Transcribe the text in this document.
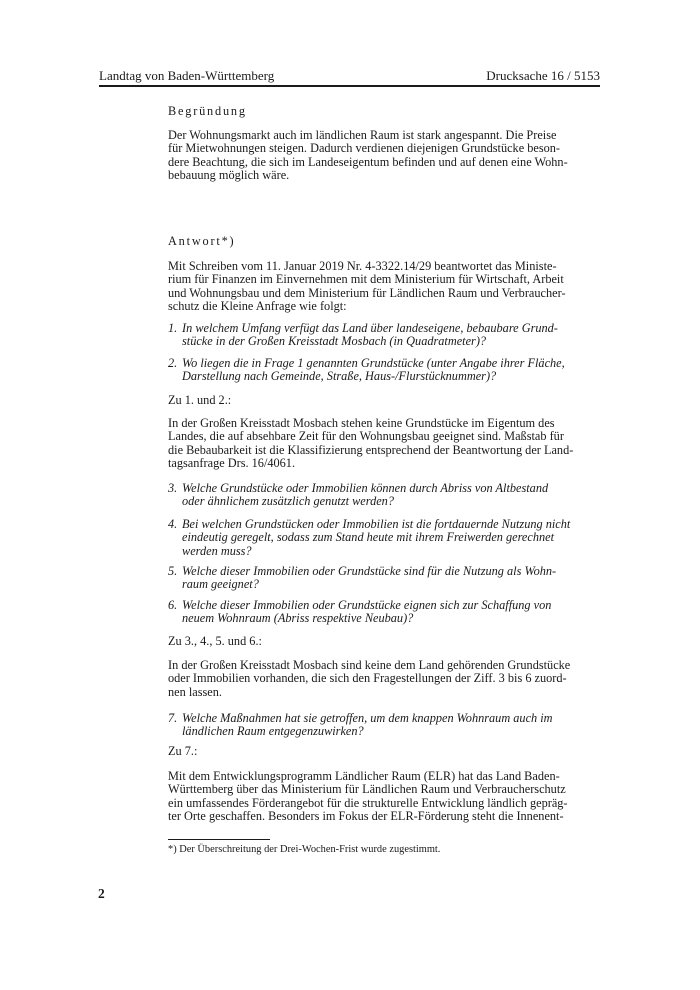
Landtag von Baden-Württemberg	Drucksache 16 / 5153
Begründung
Der Wohnungsmarkt auch im ländlichen Raum ist stark angespannt. Die Preise
für Mietwohnungen steigen. Dadurch verdienen diejenigen Grundstücke beson-
dere Beachtung, die sich im Landeseigentum befinden und auf denen eine Wohn-
bebauung möglich wäre.
Antwort*)
Mit Schreiben vom 11. Januar 2019 Nr. 4-3322.14/29 beantwortet das Ministe-
rium für Finanzen im Einvernehmen mit dem Ministerium für Wirtschaft, Arbeit
und Wohnungsbau und dem Ministerium für Ländlichen Raum und Verbraucher-
schutz die Kleine Anfrage wie folgt:
1. In welchem Umfang verfügt das Land über landeseigene, bebaubare Grund-
stücke in der Großen Kreisstadt Mosbach (in Quadratmeter)?
2. Wo liegen die in Frage 1 genannten Grundstücke (unter Angabe ihrer Fläche,
Darstellung nach Gemeinde, Straße, Haus-/Flurstücknummer)?
Zu 1. und 2.:
In der Großen Kreisstadt Mosbach stehen keine Grundstücke im Eigentum des
Landes, die auf absehbare Zeit für den Wohnungsbau geeignet sind. Maßstab für
die Bebaubarkeit ist die Klassifizierung entsprechend der Beantwortung der Land-
tagsanfrage Drs. 16/4061.
3. Welche Grundstücke oder Immobilien können durch Abriss von Altbestand
oder ähnlichem zusätzlich genutzt werden?
4. Bei welchen Grundstücken oder Immobilien ist die fortdauernde Nutzung nicht
eindeutig geregelt, sodass zum Stand heute mit ihrem Freiwerden gerechnet
werden muss?
5. Welche dieser Immobilien oder Grundstücke sind für die Nutzung als Wohn-
raum geeignet?
6. Welche dieser Immobilien oder Grundstücke eignen sich zur Schaffung von
neuem Wohnraum (Abriss respektive Neubau)?
Zu 3., 4., 5. und 6.:
In der Großen Kreisstadt Mosbach sind keine dem Land gehörenden Grundstücke
oder Immobilien vorhanden, die sich den Fragestellungen der Ziff. 3 bis 6 zuord-
nen lassen.
7. Welche Maßnahmen hat sie getroffen, um dem knappen Wohnraum auch im
ländlichen Raum entgegenzuwirken?
Zu 7.:
Mit dem Entwicklungsprogramm Ländlicher Raum (ELR) hat das Land Baden-
Württemberg über das Ministerium für Ländlichen Raum und Verbraucherschutz
ein umfassendes Förderangebot für die strukturelle Entwicklung ländlich gepräg-
ter Orte geschaffen. Besonders im Fokus der ELR-Förderung steht die Innenent-
*) Der Überschreitung der Drei-Wochen-Frist wurde zugestimmt.
2
